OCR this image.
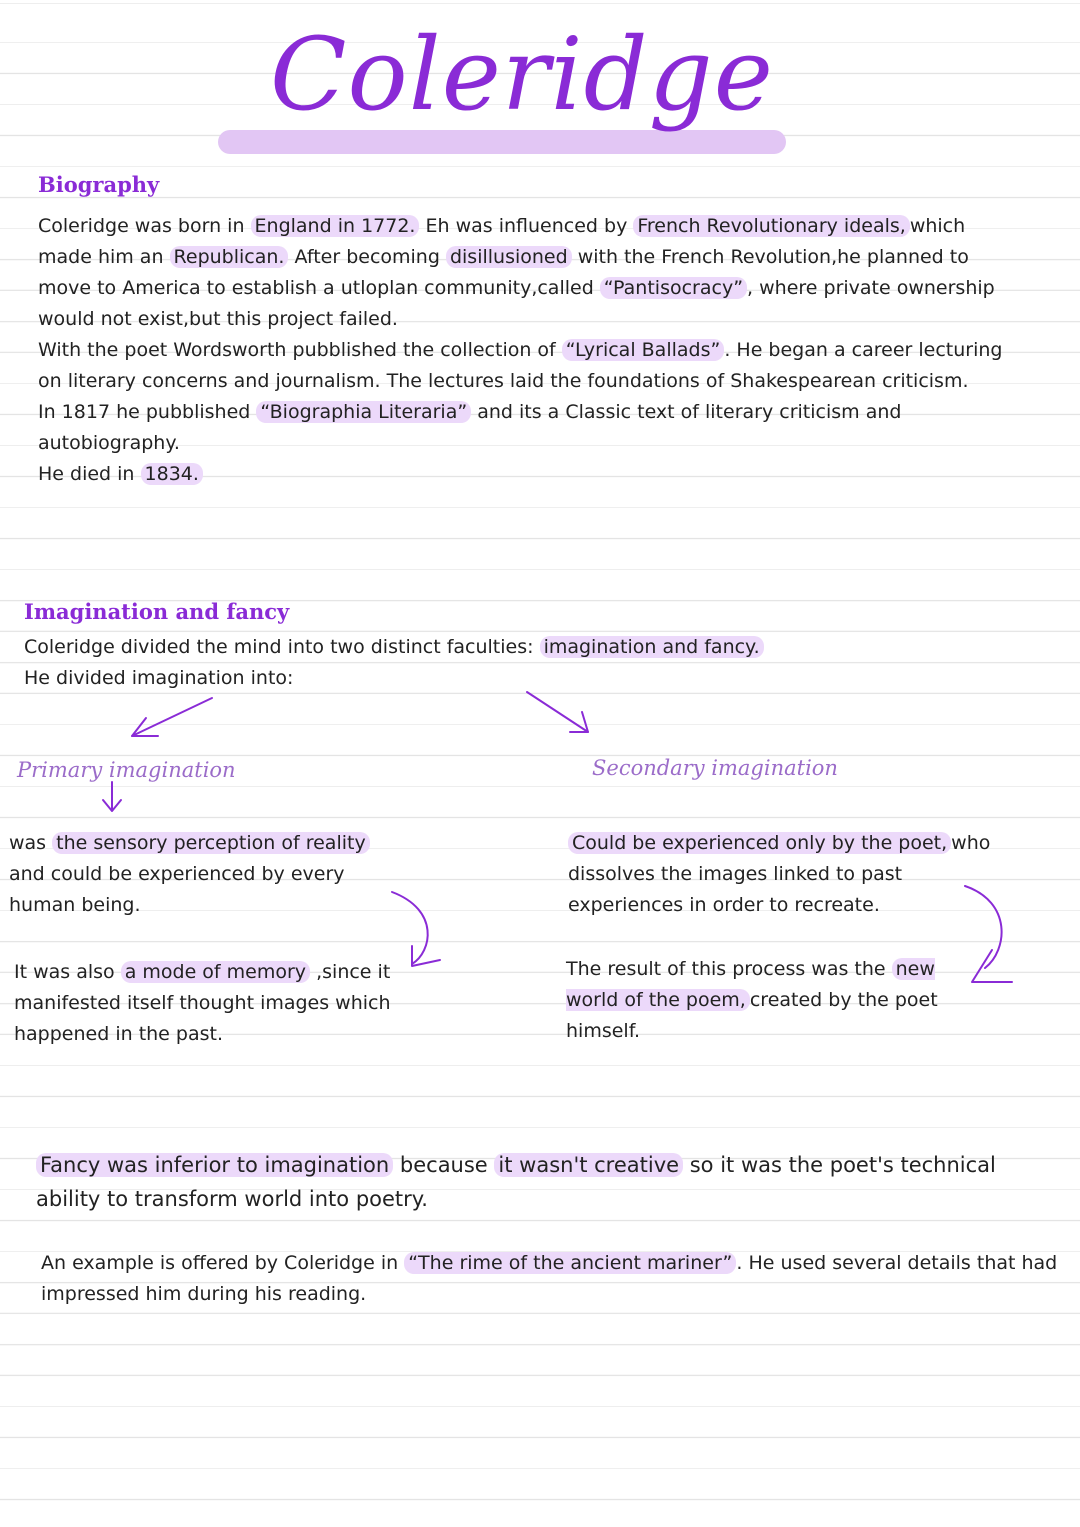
Coleridge
Biography
Coleridge was born in England in 1772. Eh was influenced by French Revolutionary ideals, which made him an Republican. After becoming disillusioned with the French Revolution,he planned to move to America to establish a utloplan community,called “Pantisocracy” , where private ownership would not exist,but this project failed.
With the poet Wordsworth pubblished the collection of “Lyrical Ballads” . He began a career lecturing on literary concerns and journalism. The lectures laid the foundations of Shakespearean criticism.
In 1817 he pubblished “Biographia Literaria” and its a Classic text of literary criticism and autobiography.
He died in 1834.
Imagination and fancy
Coleridge divided the mind into two distinct faculties: imagination and fancy.
He divided imagination into:
Primary imagination
was the sensory perception of reality and could be experienced by every human being.
It was also a mode of memory ,since it manifested itself thought images which happened in the past.
Secondary imagination
Could be experienced only by the poet, who dissolves the images linked to past experiences in order to recreate.
The result of this process was the new world of the poem, created by the poet himself.
Fancy was inferior to imagination because it wasn't creative so it was the poet's technical ability to transform world into poetry.
An example is offered by Coleridge in “The rime of the ancient mariner” . He used several details that had impressed him during his reading.
